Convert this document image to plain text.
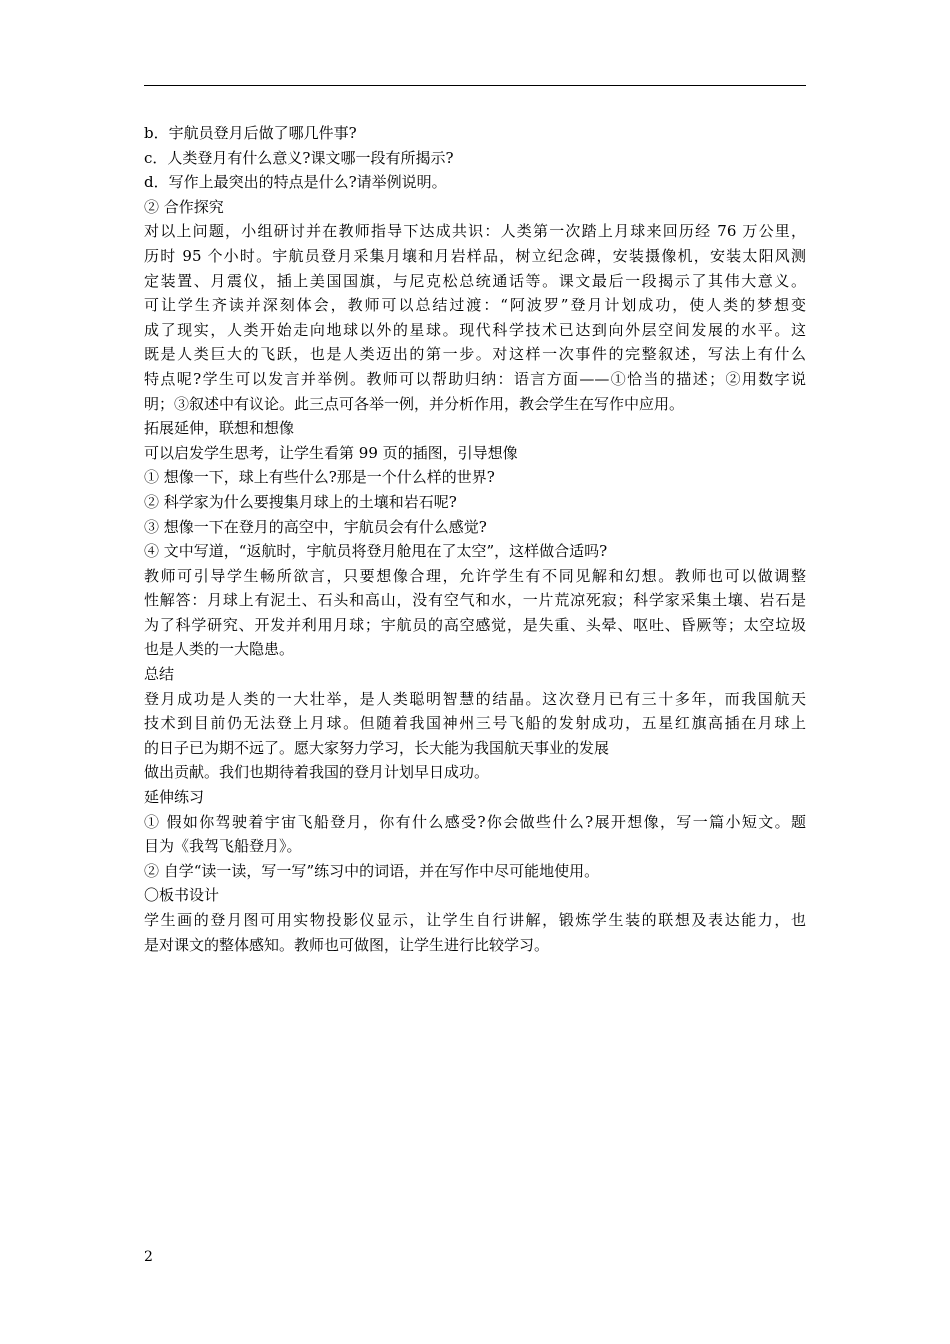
b．宇航员登月后做了哪几件事?
c．人类登月有什么意义?课文哪一段有所揭示?
d．写作上最突出的特点是什么?请举例说明。
② 合作探究
对以上问题，小组研讨并在教师指导下达成共识：人类第一次踏上月球来回历经 76 万公里，
历时 95 个小时。宇航员登月采集月壤和月岩样品，树立纪念碑，安装摄像机，安装太阳风测
定装置、月震仪，插上美国国旗，与尼克松总统通话等。课文最后一段揭示了其伟大意义。
可让学生齐读并深刻体会，教师可以总结过渡：“阿波罗”登月计划成功，使人类的梦想变
成了现实，人类开始走向地球以外的星球。现代科学技术已达到向外层空间发展的水平。这
既是人类巨大的飞跃，也是人类迈出的第一步。对这样一次事件的完整叙述，写法上有什么
特点呢?学生可以发言并举例。教师可以帮助归纳：语言方面——①恰当的描述；②用数字说
明；③叙述中有议论。此三点可各举一例，并分析作用，教会学生在写作中应用。
拓展延伸，联想和想像
可以启发学生思考，让学生看第 99 页的插图，引导想像
① 想像一下，球上有些什么?那是一个什么样的世界?
② 科学家为什么要搜集月球上的土壤和岩石呢?
③ 想像一下在登月的高空中，宇航员会有什么感觉?
④ 文中写道，“返航时，宇航员将登月舱甩在了太空”，这样做合适吗?
教师可引导学生畅所欲言，只要想像合理，允许学生有不同见解和幻想。教师也可以做调整
性解答：月球上有泥土、石头和高山，没有空气和水，一片荒凉死寂；科学家采集土壤、岩石是
为了科学研究、开发并利用月球；宇航员的高空感觉，是失重、头晕、呕吐、昏厥等；太空垃圾
也是人类的一大隐患。
总结
登月成功是人类的一大壮举，是人类聪明智慧的结晶。这次登月已有三十多年，而我国航天
技术到目前仍无法登上月球。但随着我国神州三号飞船的发射成功，五星红旗高插在月球上
的日子已为期不远了。愿大家努力学习，长大能为我国航天事业的发展
做出贡献。我们也期待着我国的登月计划早日成功。
延伸练习
① 假如你驾驶着宇宙飞船登月，你有什么感受?你会做些什么?展开想像，写一篇小短文。题
目为《我驾飞船登月》。
② 自学“读一读，写一写”练习中的词语，并在写作中尽可能地使用。
〇板书设计
学生画的登月图可用实物投影仪显示，让学生自行讲解，锻炼学生装的联想及表达能力，也
是对课文的整体感知。教师也可做图，让学生进行比较学习。
2
